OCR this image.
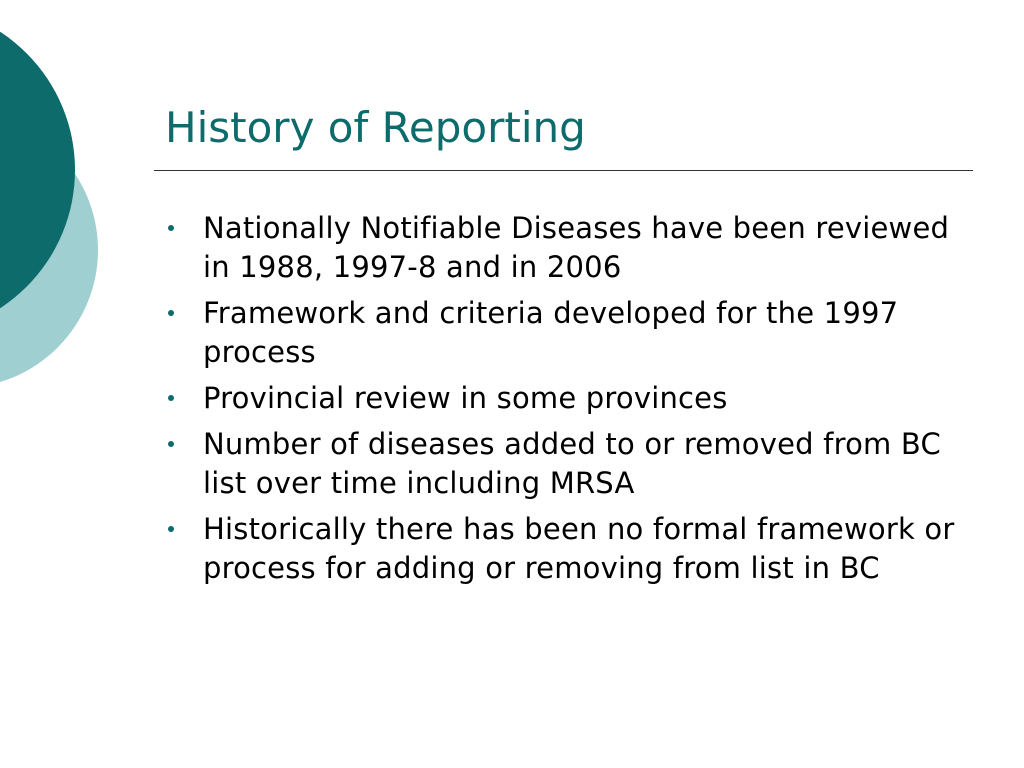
History of Reporting
Nationally Notifiable Diseases have been reviewed in 1988, 1997-8 and in 2006
Framework and criteria developed for the 1997 process
Provincial review in some provinces
Number of diseases added to or removed from BC list over time including MRSA
Historically there has been no formal framework or process for adding or removing from list in BC
